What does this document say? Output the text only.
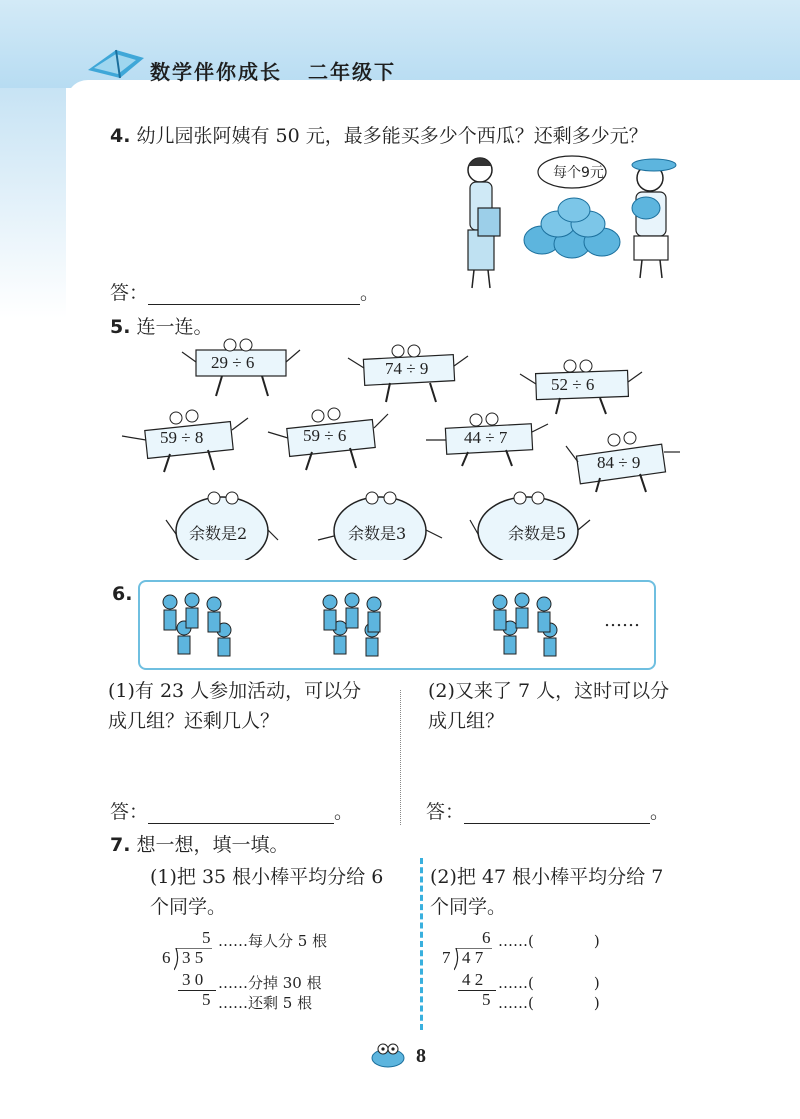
数学伴你成长 二年级下
4. 幼儿园张阿姨有 50 元，最多能买多少个西瓜？还剩多少元？
每个9元
答：	。
5. 连一连。
29 ÷ 6	74 ÷ 9
52 ÷ 6
59 ÷ 8	59 ÷ 6	44 ÷ 7
84 ÷ 9
余数是2	余数是3	余数是5
6.
……
(1)有 23 人参加活动，可以分
成几组？还剩几人？
(2)又来了 7 人，这时可以分
成几组？
答：	。	答：	。
7. 想一想，填一填。
(1)把 35 根小棒平均分给 6
个同学。
(2)把 47 根小棒平均分给 7
个同学。
5 ……每人分 5 根
6 3 5
3 0 ……分掉 30 根
5 ……还剩 5 根
6 ……(　　　　)
7 4 7
4 2 ……(　　　　)
5 ……(　　　　)
8
